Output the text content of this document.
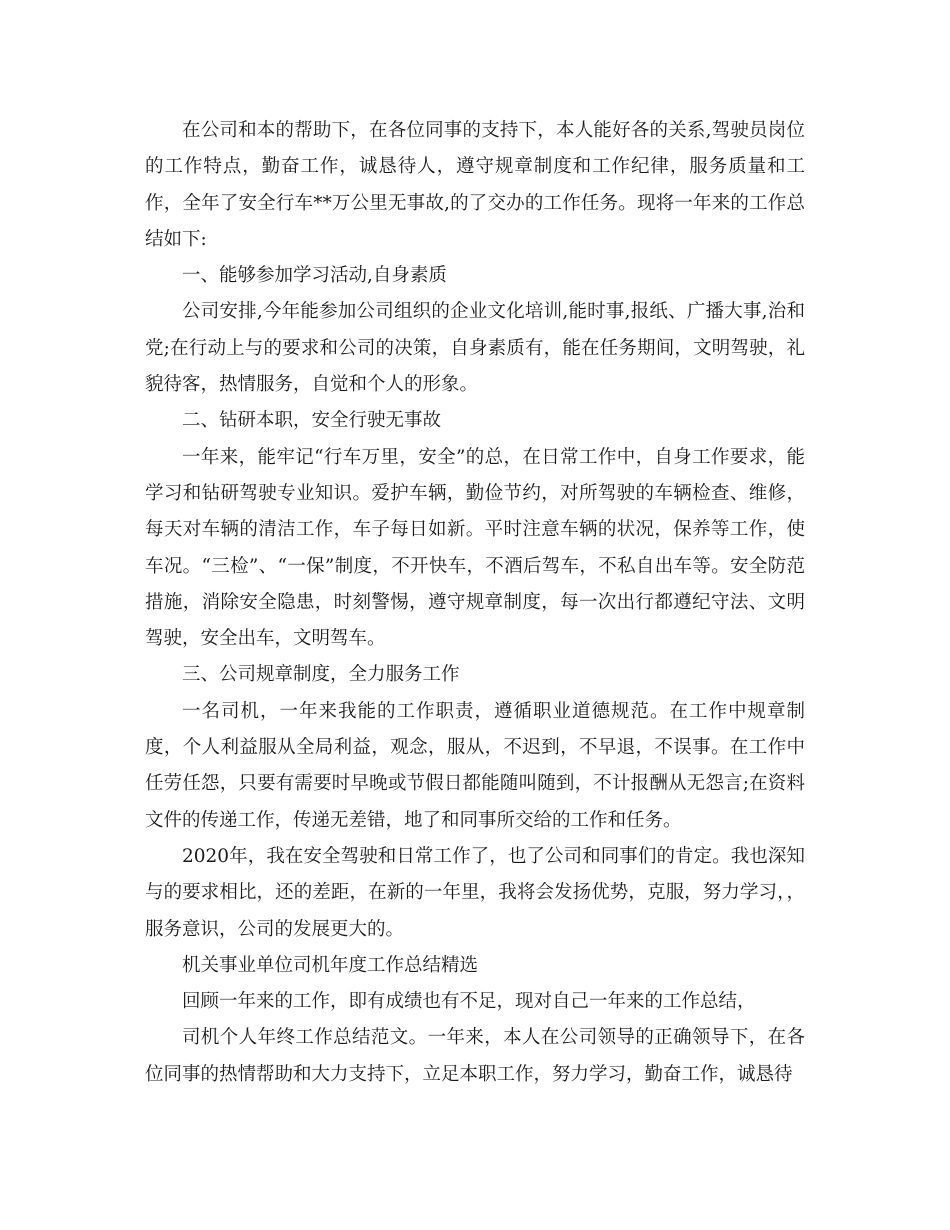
在公司和本的帮助下，在各位同事的支持下，本人能好各的关系,驾驶员岗位的工作特点，勤奋工作，诚恳待人，遵守规章制度和工作纪律，服务质量和工作，全年了安全行车**万公里无事故,的了交办的工作任务。现将一年来的工作总结如下:

一、能够参加学习活动,自身素质

公司安排,今年能参加公司组织的企业文化培训,能时事,报纸、广播大事,治和党;在行动上与的要求和公司的决策，自身素质有，能在任务期间，文明驾驶，礼貌待客，热情服务，自觉和个人的形象。

二、钻研本职，安全行驶无事故

一年来，能牢记“行车万里，安全”的总，在日常工作中，自身工作要求，能学习和钻研驾驶专业知识。爱护车辆，勤俭节约，对所驾驶的车辆检查、维修，每天对车辆的清洁工作，车子每日如新。平时注意车辆的状况，保养等工作，使车况。“三检”、“一保”制度，不开快车，不酒后驾车，不私自出车等。安全防范措施，消除安全隐患，时刻警惕，遵守规章制度，每一次出行都遵纪守法、文明驾驶，安全出车，文明驾车。

三、公司规章制度，全力服务工作

一名司机，一年来我能的工作职责，遵循职业道德规范。在工作中规章制度，个人利益服从全局利益，观念，服从，不迟到，不早退，不误事。在工作中任劳任怨，只要有需要时早晚或节假日都能随叫随到，不计报酬从无怨言;在资料文件的传递工作，传递无差错，地了和同事所交给的工作和任务。

2020年，我在安全驾驶和日常工作了，也了公司和同事们的肯定。我也深知与的要求相比，还的差距，在新的一年里，我将会发扬优势，克服，努力学习，，服务意识，公司的发展更大的。

机关事业单位司机年度工作总结精选

回顾一年来的工作，即有成绩也有不足，现对自己一年来的工作总结，

司机个人年终工作总结范文。一年来，本人在公司领导的正确领导下，在各位同事的热情帮助和大力支持下，立足本职工作，努力学习，勤奋工作，诚恳待
